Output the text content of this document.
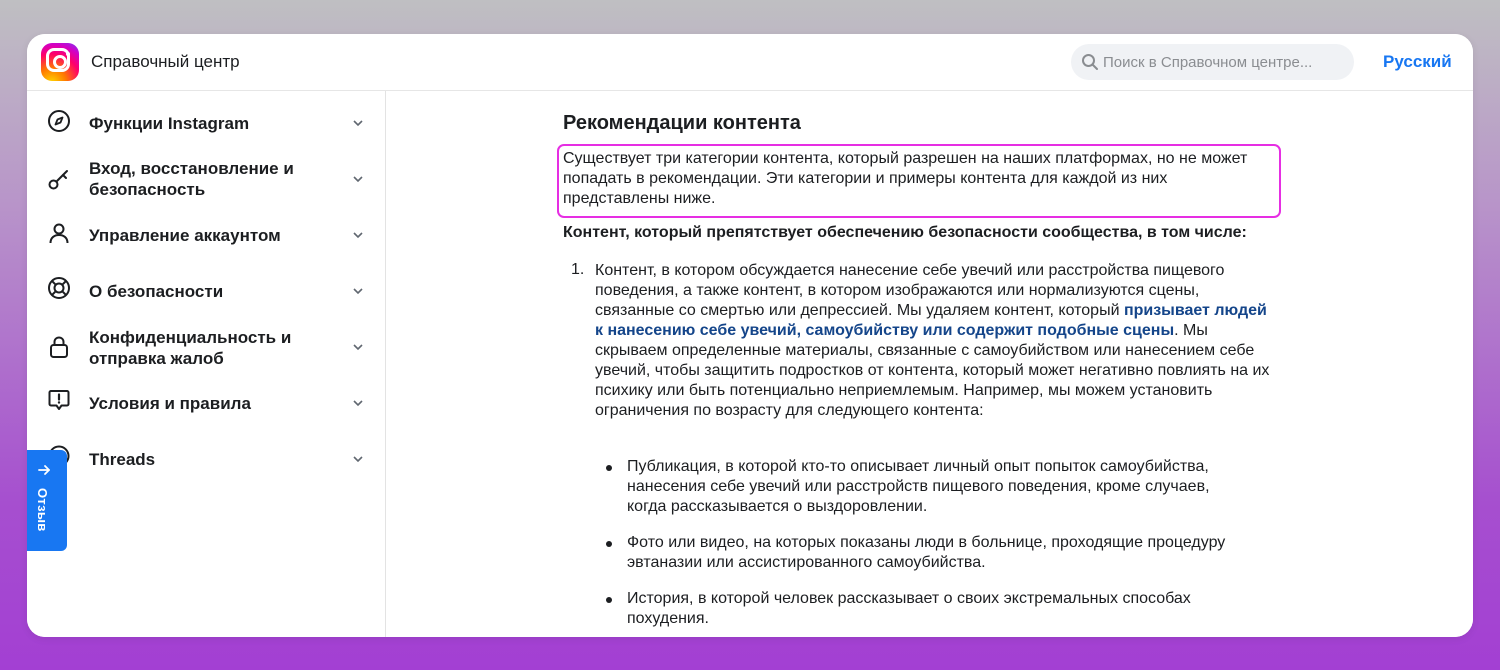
Справочный центр	Поиск в Справочном центре...	Русский
Функции Instagram
Вход, восстановление и безопасность
Управление аккаунтом
О безопасности
Конфиденциальность и отправка жалоб
Условия и правила
Threads
Отзыв
Рекомендации контента
Существует три категории контента, который разрешен на наших платформах, но не может попадать в рекомендации. Эти категории и примеры контента для каждой из них представлены ниже.
Контент, который препятствует обеспечению безопасности сообщества, в том числе:
1. Контент, в котором обсуждается нанесение себе увечий или расстройства пищевого поведения, а также контент, в котором изображаются или нормализуются сцены, связанные со смертью или депрессией. Мы удаляем контент, который призывает людей к нанесению себе увечий, самоубийству или содержит подобные сцены. Мы скрываем определенные материалы, связанные с самоубийством или нанесением себе увечий, чтобы защитить подростков от контента, который может негативно повлиять на их психику или быть потенциально неприемлемым. Например, мы можем установить ограничения по возрасту для следующего контента:
Публикация, в которой кто-то описывает личный опыт попыток самоубийства, нанесения себе увечий или расстройств пищевого поведения, кроме случаев, когда рассказывается о выздоровлении.
Фото или видео, на которых показаны люди в больнице, проходящие процедуру эвтаназии или ассистированного самоубийства.
История, в которой человек рассказывает о своих экстремальных способах похудения.
